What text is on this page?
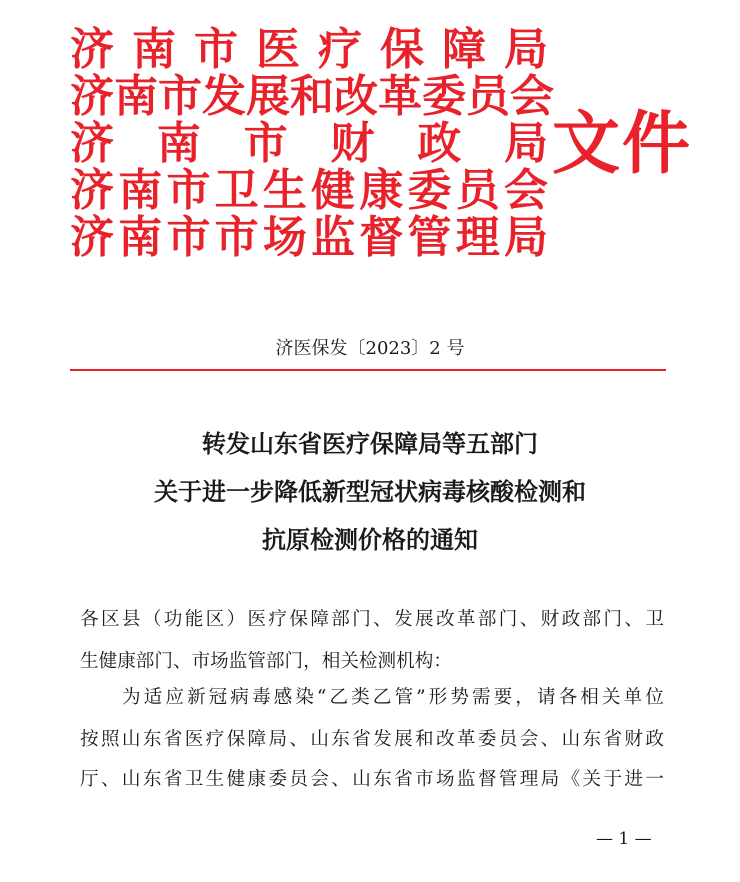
济 南 市 医 疗 保 障 局
济 南 市 发 展 和 改 革 委 员 会
济 南 市 财 政 局
济 南 市 卫 生 健 康 委 员 会
济 南 市 市 场 监 督 管 理 局
文件
济医保发〔2023〕2 号
转发山东省医疗保障局等五部门
关于进一步降低新型冠状病毒核酸检测和
抗原检测价格的通知
各 区 县 （ 功 能 区 ） 医 疗 保 障 部 门 、 发 展 改 革 部 门 、 财 政 部 门 、 卫
生健康部门、市场监管部门，相关检测机构：
为 适 应 新 冠 病 毒 感 染 “ 乙 类 乙 管 ” 形 势 需 要 ， 请 各 相 关 单 位
按 照 山 东 省 医 疗 保 障 局 、 山 东 省 发 展 和 改 革 委 员 会 、 山 东 省 财 政
厅 、 山 东 省 卫 生 健 康 委 员 会 、 山 东 省 市 场 监 督 管 理 局 《 关 于 进 一
— 1 —
